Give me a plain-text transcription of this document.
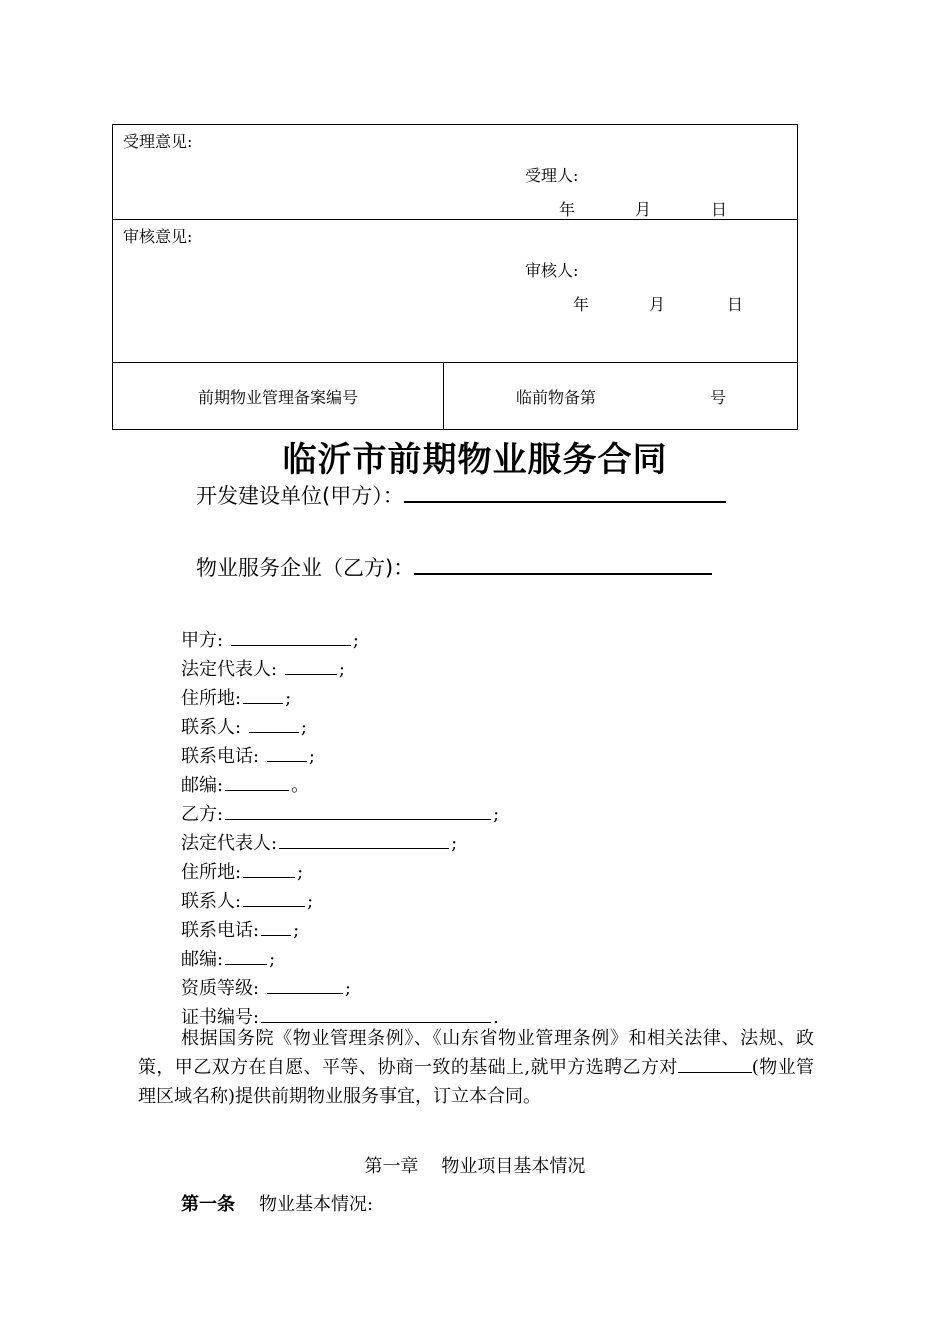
受理意见:
受理人:
年	月	日
审核意见:
审核人:
年	月	日
前期物业管理备案编号	临前物备第	号
临沂市前期物业服务合同
开发建设单位(甲方）：
物业服务企业（乙方)：
甲方:	;
法定代表人:	;
住所地: ;
联系人:	;
联系电话:	;
邮编:	。
乙方:	;
法定代表人:	;
住所地:	;
联系人:	;
联系电话: ;
邮编:	;
资质等级:	;
证书编号:	.
根据国务院《物业管理条例》、《山东省物业管理条例》和相关法律、法规、政策，甲乙双方在自愿、平等、协商一致的基础上,就甲方选聘乙方对	(物业管理区域名称)提供前期物业服务事宜，订立本合同。
第一章    物业项目基本情况
第一条 物业基本情况:
